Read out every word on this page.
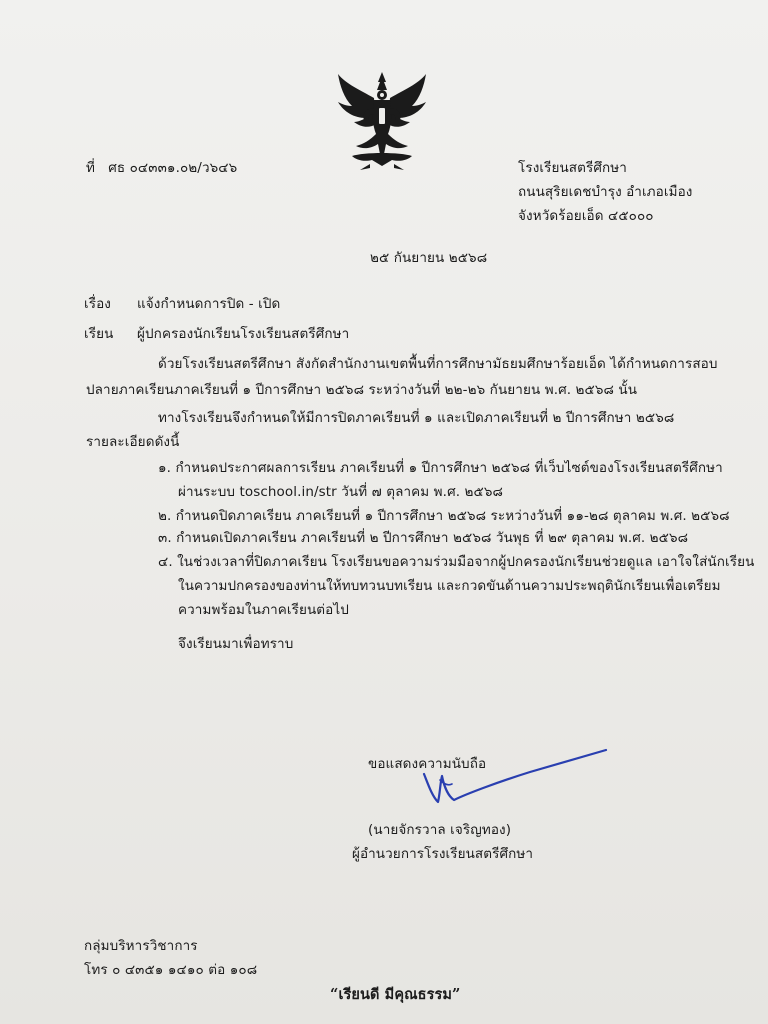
ที่ ศธ ๐๔๓๓๑.๐๒/ว๖๔๖	โรงเรียนสตรีศึกษา
ถนนสุริยเดชบำรุง อำเภอเมือง
จังหวัดร้อยเอ็ด ๔๕๐๐๐
๒๕ กันยายน ๒๕๖๘
เรื่อง แจ้งกำหนดการปิด - เปิด
เรียน ผู้ปกครองนักเรียนโรงเรียนสตรีศึกษา
ด้วยโรงเรียนสตรีศึกษา สังกัดสำนักงานเขตพื้นที่การศึกษามัธยมศึกษาร้อยเอ็ด ได้กำหนดการสอบ
ปลายภาคเรียนภาคเรียนที่ ๑ ปีการศึกษา ๒๕๖๘ ระหว่างวันที่ ๒๒-๒๖ กันยายน พ.ศ. ๒๕๖๘ นั้น
ทางโรงเรียนจึงกำหนดให้มีการปิดภาคเรียนที่ ๑ และเปิดภาคเรียนที่ ๒ ปีการศึกษา ๒๕๖๘
รายละเอียดดังนี้
๑. กำหนดประกาศผลการเรียน ภาคเรียนที่ ๑ ปีการศึกษา ๒๕๖๘ ที่เว็บไซต์ของโรงเรียนสตรีศึกษา
ผ่านระบบ toschool.in/str วันที่ ๗ ตุลาคม พ.ศ. ๒๕๖๘
๒. กำหนดปิดภาคเรียน ภาคเรียนที่ ๑ ปีการศึกษา ๒๕๖๘ ระหว่างวันที่ ๑๑-๒๘ ตุลาคม พ.ศ. ๒๕๖๘
๓. กำหนดเปิดภาคเรียน ภาคเรียนที่ ๒ ปีการศึกษา ๒๕๖๘ วันพุธ ที่ ๒๙ ตุลาคม พ.ศ. ๒๕๖๘
๔. ในช่วงเวลาที่ปิดภาคเรียน โรงเรียนขอความร่วมมือจากผู้ปกครองนักเรียนช่วยดูแล เอาใจใส่นักเรียน
ในความปกครองของท่านให้ทบทวนบทเรียน และกวดขันด้านความประพฤตินักเรียนเพื่อเตรียม
ความพร้อมในภาคเรียนต่อไป
จึงเรียนมาเพื่อทราบ
ขอแสดงความนับถือ
(นายจักรวาล เจริญทอง)
ผู้อำนวยการโรงเรียนสตรีศึกษา
กลุ่มบริหารวิชาการ
โทร ๐ ๔๓๕๑ ๑๔๑๐ ต่อ ๑๐๘
“เรียนดี มีคุณธรรม”
